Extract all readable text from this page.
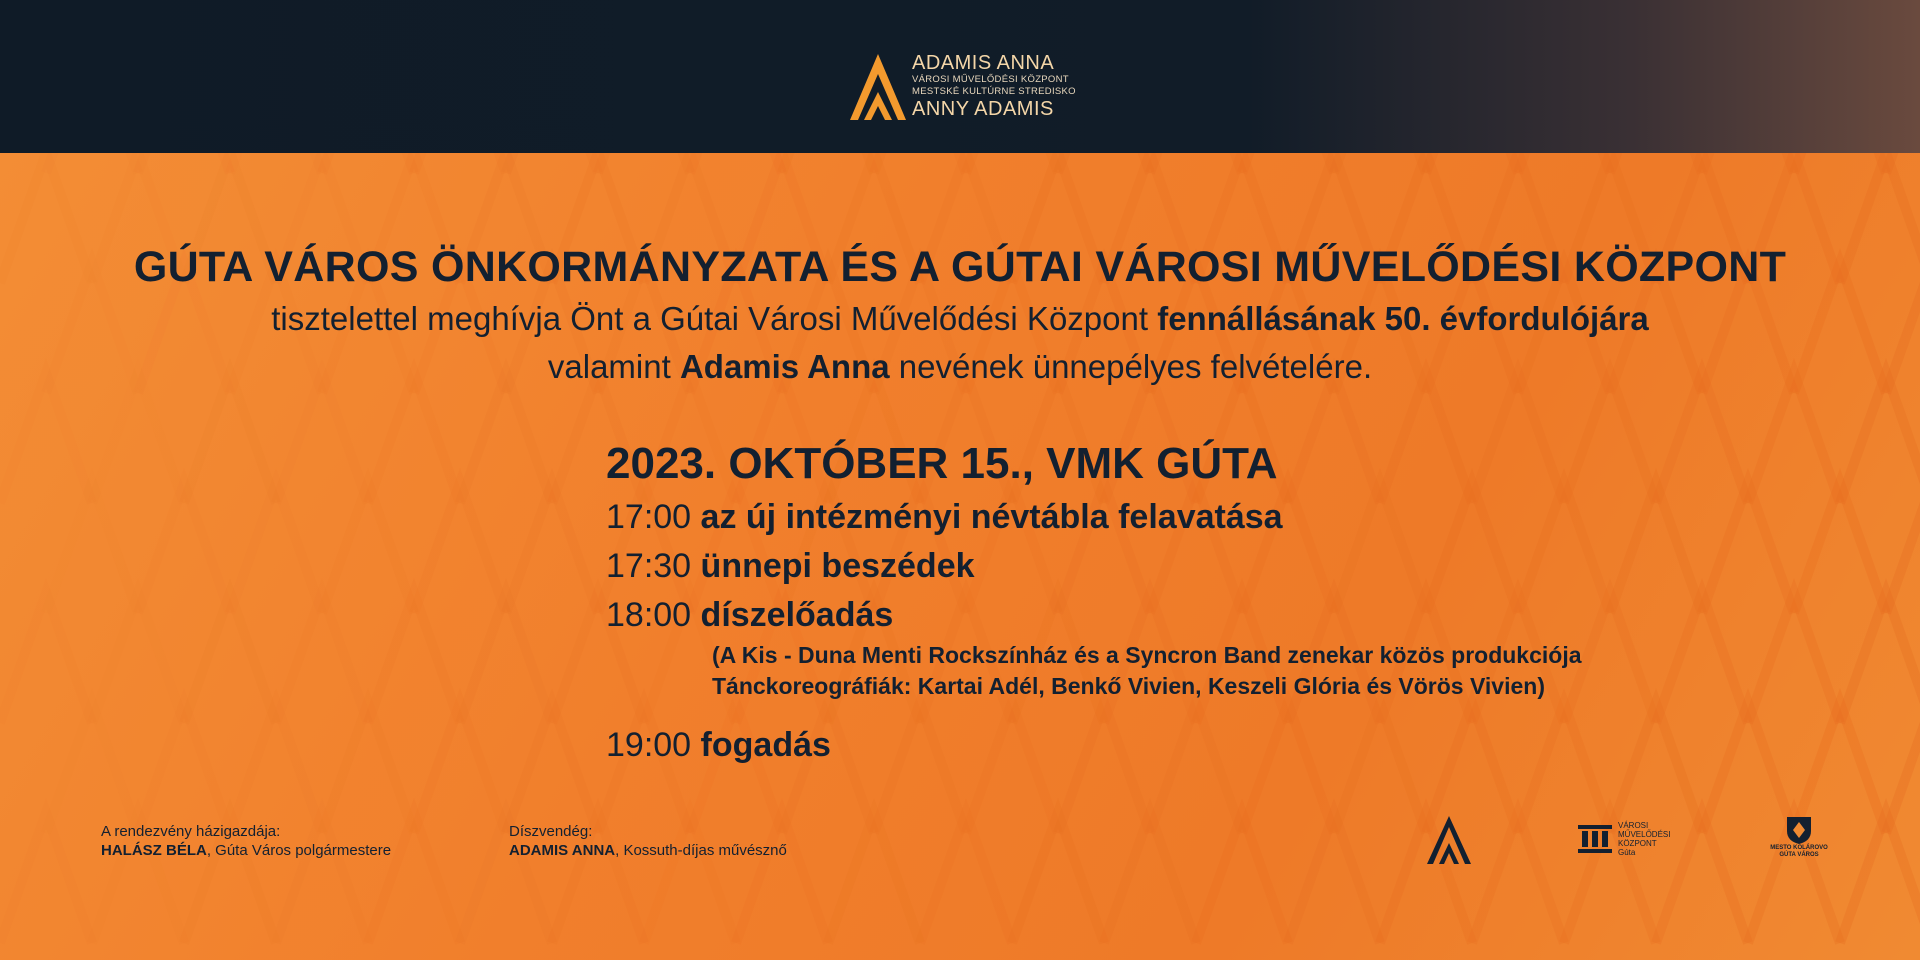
ADAMIS ANNA
VÁROSI MŰVELŐDÉSI KÖZPONT
MESTSKÉ KULTÚRNE STREDISKO
ANNY ADAMIS
GÚTA VÁROS ÖNKORMÁNYZATA ÉS A GÚTAI VÁROSI MŰVELŐDÉSI KÖZPONT
tisztelettel meghívja Önt a Gútai Városi Művelődési Központ fennállásának 50. évfordulójára
valamint Adamis Anna nevének ünnepélyes felvételére.
2023. OKTÓBER 15., VMK GÚTA
17:00 az új intézményi névtábla felavatása
17:30 ünnepi beszédek
18:00 díszelőadás
(A Kis - Duna Menti Rockszínház és a Syncron Band zenekar közös produkciója
Tánckoreográfiák: Kartai Adél, Benkő Vivien, Keszeli Glória és Vörös Vivien)
19:00 fogadás
A rendezvény házigazdája:
HALÁSZ BÉLA, Gúta Város polgármestere
Díszvendég:
ADAMIS ANNA, Kossuth-díjas művésznő
VÁROSI
MŰVELŐDÉSI
KÖZPONT
Gúta	MESTO KOLÁROVO
GÚTA VÁROS
